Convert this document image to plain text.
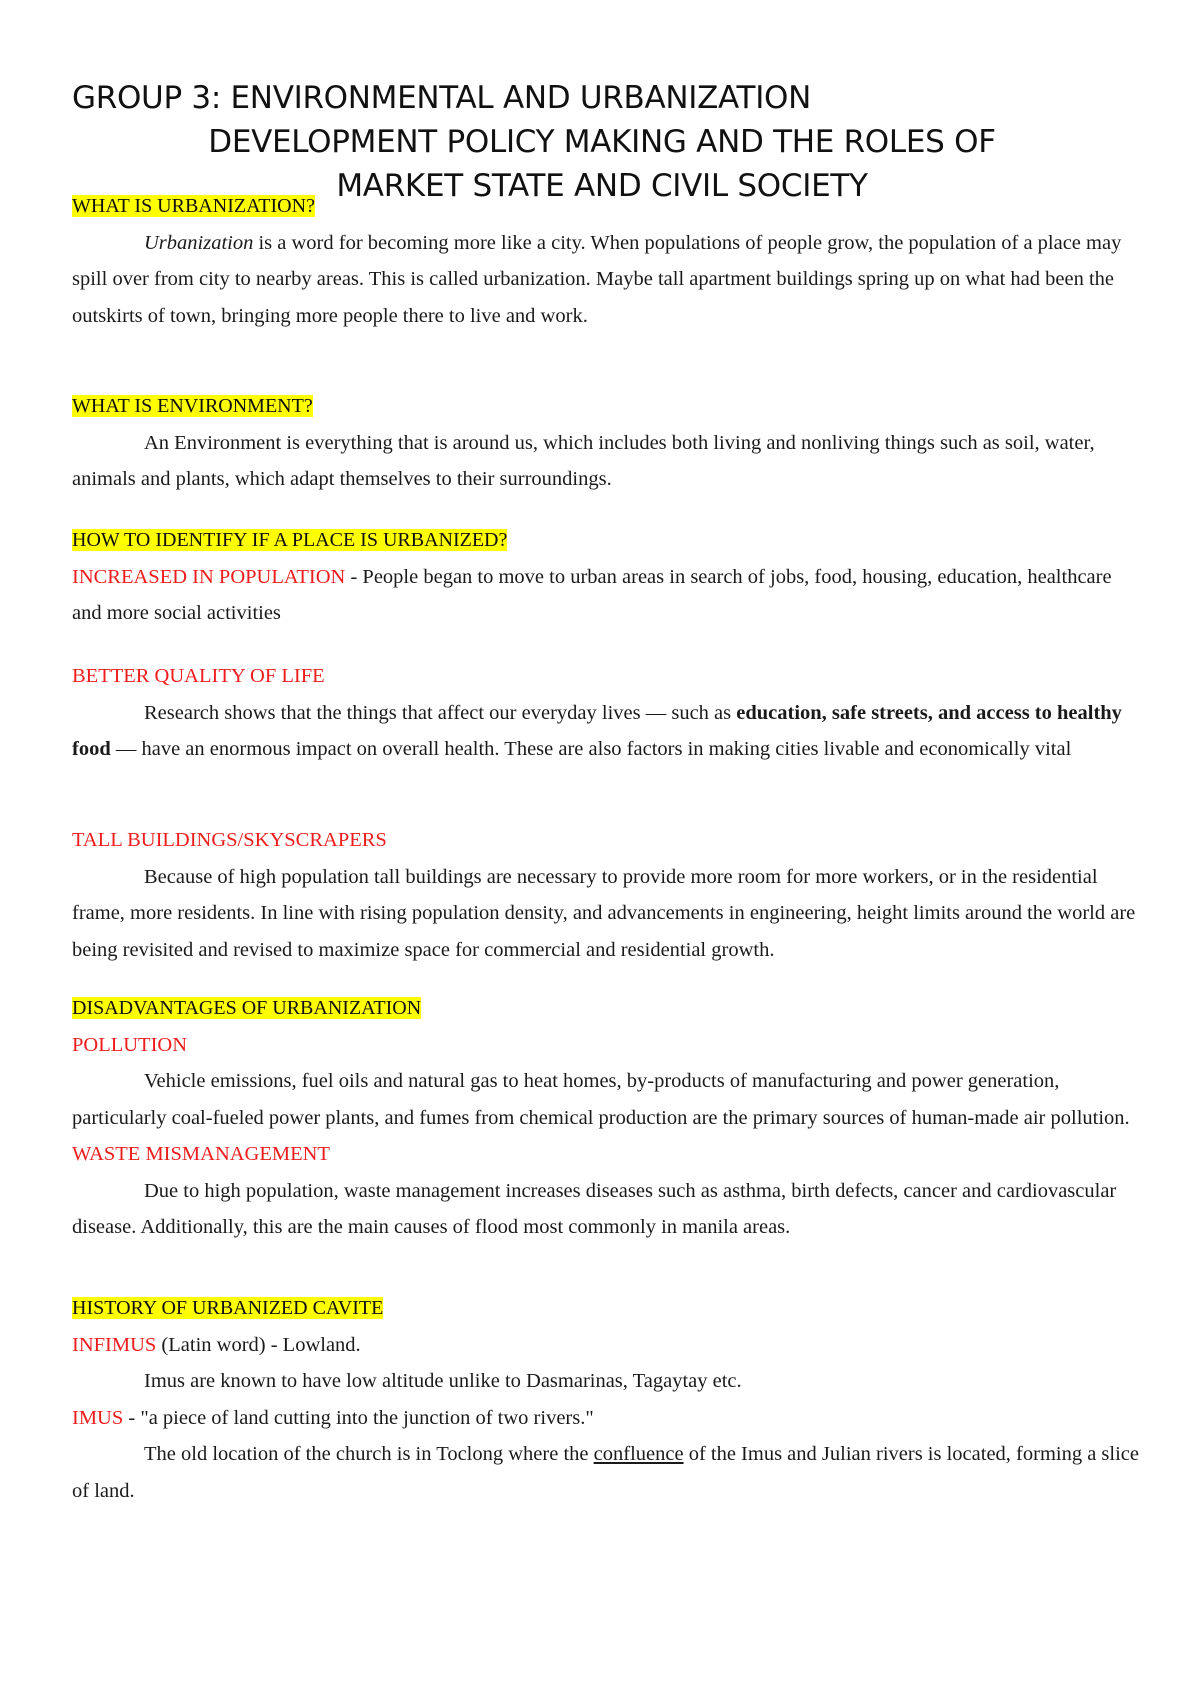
GROUP 3: ENVIRONMENTAL AND URBANIZATION
DEVELOPMENT POLICY MAKING AND THE ROLES OF
MARKET STATE AND CIVIL SOCIETY
WHAT IS URBANIZATION?
Urbanization is a word for becoming more like a city. When populations of people grow, the population of a place may spill over from city to nearby areas. This is called urbanization. Maybe tall apartment buildings spring up on what had been the outskirts of town, bringing more people there to live and work.
WHAT IS ENVIRONMENT?
An Environment is everything that is around us, which includes both living and nonliving things such as soil, water, animals and plants, which adapt themselves to their surroundings.
HOW TO IDENTIFY IF A PLACE IS URBANIZED?
INCREASED IN POPULATION - People began to move to urban areas in search of jobs, food, housing, education, healthcare and more social activities
BETTER QUALITY OF LIFE
Research shows that the things that affect our everyday lives — such as education, safe streets, and access to healthy food — have an enormous impact on overall health. These are also factors in making cities livable and economically vital
TALL BUILDINGS/SKYSCRAPERS
Because of high population tall buildings are necessary to provide more room for more workers, or in the residential frame, more residents. In line with rising population density, and advancements in engineering, height limits around the world are being revisited and revised to maximize space for commercial and residential growth.
DISADVANTAGES OF URBANIZATION
POLLUTION
Vehicle emissions, fuel oils and natural gas to heat homes, by-products of manufacturing and power generation, particularly coal-fueled power plants, and fumes from chemical production are the primary sources of human-made air pollution.
WASTE MISMANAGEMENT
Due to high population, waste management increases diseases such as asthma, birth defects, cancer and cardiovascular disease. Additionally, this are the main causes of flood most commonly in manila areas.
HISTORY OF URBANIZED CAVITE
INFIMUS (Latin word) - Lowland.
Imus are known to have low altitude unlike to Dasmarinas, Tagaytay etc.
IMUS - "a piece of land cutting into the junction of two rivers."
The old location of the church is in Toclong where the confluence of the Imus and Julian rivers is located, forming a slice of land.
